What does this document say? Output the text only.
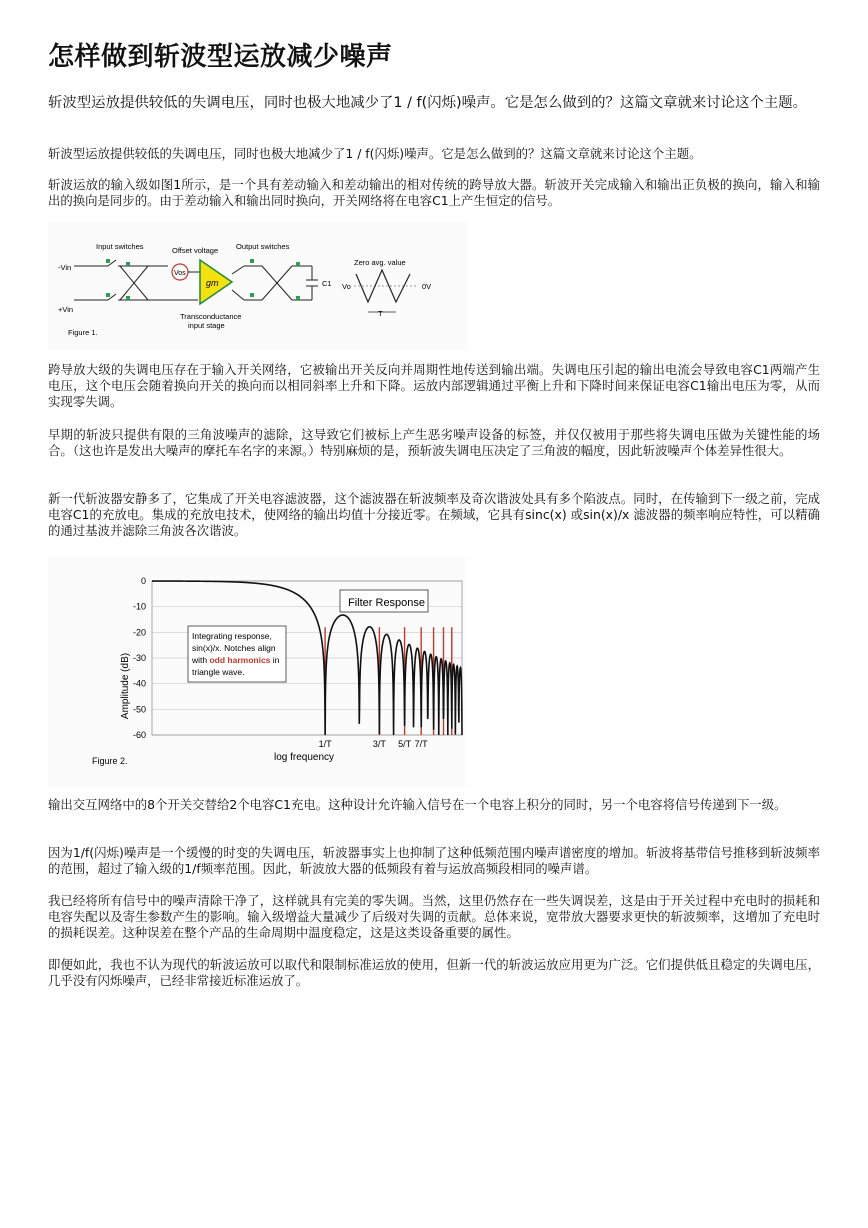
怎样做到斩波型运放减少噪声

斩波型运放提供较低的失调电压，同时也极大地减少了1 / f(闪烁)噪声。它是怎么做到的？这篇文章就来讨论这个主题。

斩波型运放提供较低的失调电压，同时也极大地减少了1 / f(闪烁)噪声。它是怎么做到的？这篇文章就来讨论这个主题。

斩波运放的输入级如图1所示，是一个具有差动输入和差动输出的相对传统的跨导放大器。斩波开关完成输入和输出正负极的换向，输入和输出的换向是同步的。由于差动输入和输出同时换向，开关网络将在电容C1上产生恒定的信号。

Input switches	Offset voltage Output switches
-Vin
+Vin
Vos
gm
Transconductance
input stage
C1
Zero avg. value
Vo	0V
T
Figure 1.

跨导放大级的失调电压存在于输入开关网络，它被输出开关反向并周期性地传送到输出端。失调电压引起的输出电流会导致电容C1两端产生电压，这个电压会随着换向开关的换向而以相同斜率上升和下降。运放内部逻辑通过平衡上升和下降时间来保证电容C1输出电压为零，从而实现零失调。

早期的斩波只提供有限的三角波噪声的滤除，这导致它们被标上产生恶劣噪声设备的标签，并仅仅被用于那些将失调电压做为关键性能的场合。（这也许是发出大噪声的摩托车名字的来源。）特别麻烦的是，预斩波失调电压决定了三角波的幅度，因此斩波噪声个体差异性很大。

新一代斩波器安静多了，它集成了开关电容滤波器，这个滤波器在斩波频率及奇次谐波处具有多个陷波点。同时，在传输到下一级之前，完成电容C1的充放电。集成的充放电技术，使网络的输出均值十分接近零。在频域，它具有sinc(x) 或sin(x)/x 滤波器的频率响应特性，可以精确的通过基波并滤除三角波各次谐波。

0
-10
-20
-30
-40
-50
-60
1/T	3/T 5/T 7/T
Filter Response
Integrating response,
sin(x)/x. Notches align
with odd harmonics in
triangle wave.
log frequency
Amplitude (dB)
Figure 2.

输出交互网络中的8个开关交替给2个电容C1充电。这种设计允许输入信号在一个电容上积分的同时，另一个电容将信号传递到下一级。

因为1/f(闪烁)噪声是一个缓慢的时变的失调电压，斩波器事实上也抑制了这种低频范围内噪声谱密度的增加。斩波将基带信号推移到斩波频率的范围，超过了输入级的1/f频率范围。因此，斩波放大器的低频段有着与运放高频段相同的噪声谱。

我已经将所有信号中的噪声清除干净了，这样就具有完美的零失调。当然，这里仍然存在一些失调误差，这是由于开关过程中充电时的损耗和电容失配以及寄生参数产生的影响。输入级增益大量减少了后级对失调的贡献。总体来说，宽带放大器要求更快的斩波频率，这增加了充电时的损耗误差。这种误差在整个产品的生命周期中温度稳定，这是这类设备重要的属性。

即便如此，我也不认为现代的斩波运放可以取代和限制标准运放的使用，但新一代的斩波运放应用更为广泛。它们提供低且稳定的失调电压，几乎没有闪烁噪声，已经非常接近标准运放了。
